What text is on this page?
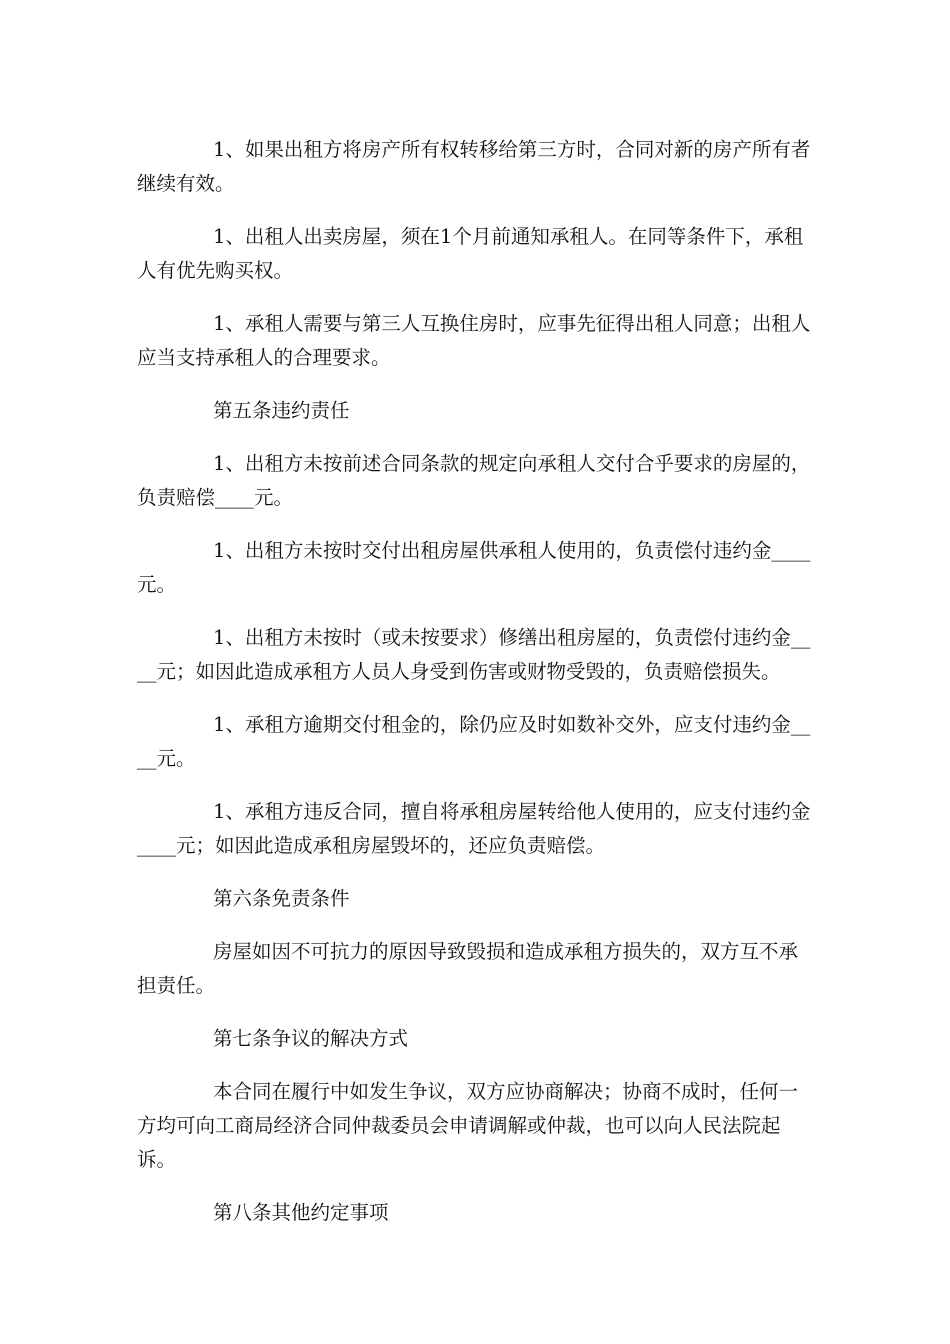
1、如果出租方将房产所有权转移给第三方时，合同对新的房产所有者继续有效。

1、出租人出卖房屋，须在1个月前通知承租人。在同等条件下，承租人有优先购买权。

1、承租人需要与第三人互换住房时，应事先征得出租人同意；出租人应当支持承租人的合理要求。

第五条违约责任

1、出租方未按前述合同条款的规定向承租人交付合乎要求的房屋的，负责赔偿____元。

1、出租方未按时交付出租房屋供承租人使用的，负责偿付违约金____元。

1、出租方未按时（或未按要求）修缮出租房屋的，负责偿付违约金____元；如因此造成承租方人员人身受到伤害或财物受毁的，负责赔偿损失。

1、承租方逾期交付租金的，除仍应及时如数补交外，应支付违约金____元。

1、承租方违反合同，擅自将承租房屋转给他人使用的，应支付违约金____元；如因此造成承租房屋毁坏的，还应负责赔偿。

第六条免责条件

房屋如因不可抗力的原因导致毁损和造成承租方损失的，双方互不承担责任。

第七条争议的解决方式

本合同在履行中如发生争议，双方应协商解决；协商不成时，任何一方均可向工商局经济合同仲裁委员会申请调解或仲裁，也可以向人民法院起诉。

第八条其他约定事项
